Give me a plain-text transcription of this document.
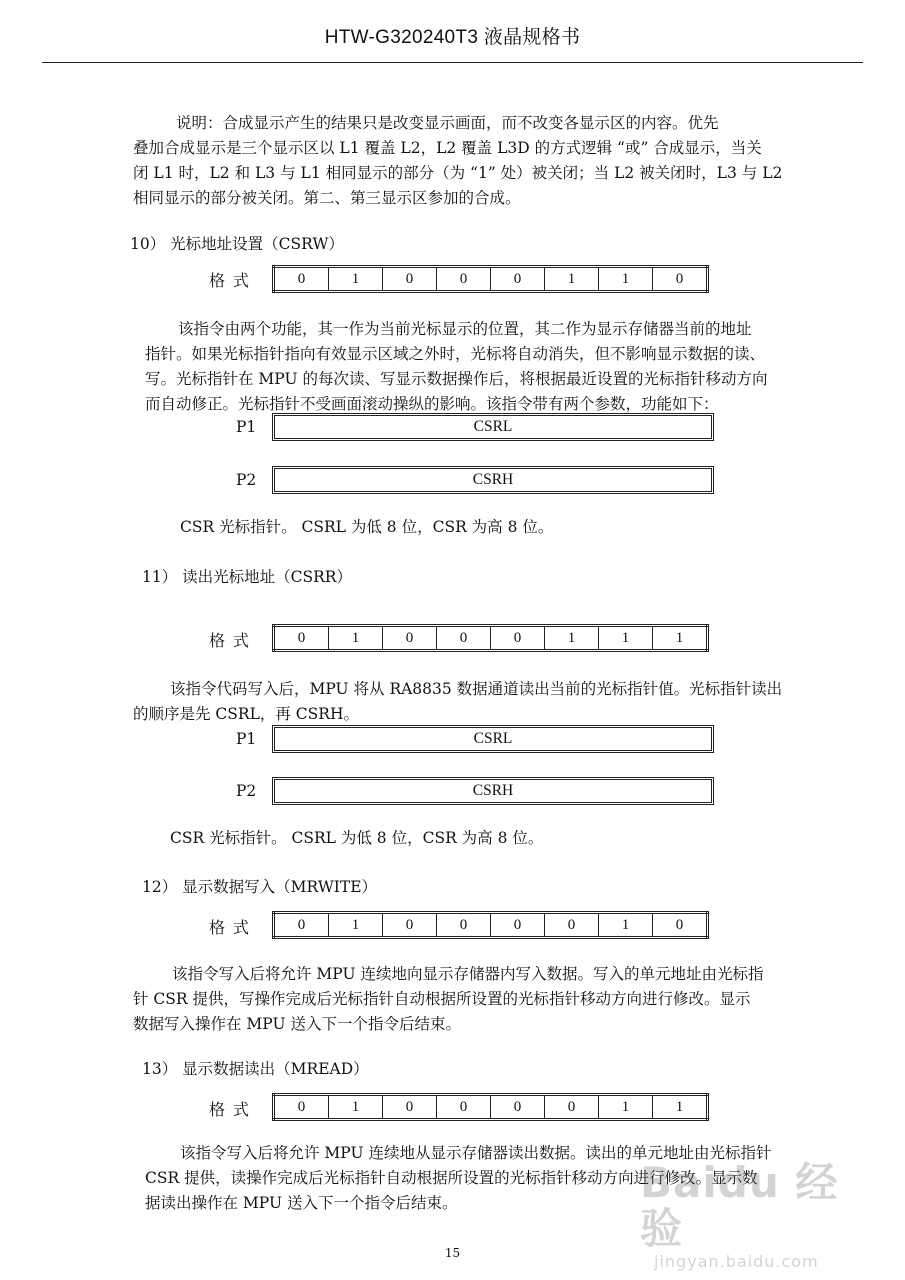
HTW-G320240T3 液晶规格书
说明：合成显示产生的结果只是改变显示画面，而不改变各显示区的内容。优先
叠加合成显示是三个显示区以 L1 覆盖 L2，L2 覆盖 L3D 的方式逻辑 “或” 合成显示，当关
闭 L1 时，L2 和 L3 与 L1 相同显示的部分（为 “1” 处）被关闭；当 L2 被关闭时，L3 与 L2
相同显示的部分被关闭。第二、第三显示区参加的合成。
10） 光标地址设置（CSRW）
格式	0	1	0	0	0	1	1	0
该指令由两个功能，其一作为当前光标显示的位置，其二作为显示存储器当前的地址
指针。如果光标指针指向有效显示区域之外时，光标将自动消失，但不影响显示数据的读、
写。光标指针在 MPU 的每次读、写显示数据操作后，将根据最近设置的光标指针移动方向
而自动修正。光标指针不受画面滚动操纵的影响。该指令带有两个参数，功能如下：
P1	CSRL
P2	CSRH
CSR 光标指针。 CSRL 为低 8 位，CSR 为高 8 位。
11） 读出光标地址（CSRR）
格式	0	1	0	0	0	1	1	1
该指令代码写入后，MPU 将从 RA8835 数据通道读出当前的光标指针值。光标指针读出
的顺序是先 CSRL，再 CSRH。
P1	CSRL
P2	CSRH
CSR 光标指针。 CSRL 为低 8 位，CSR 为高 8 位。
12） 显示数据写入（MRWITE）
格式	0	1	0	0	0	0	1	0
该指令写入后将允许 MPU 连续地向显示存储器内写入数据。写入的单元地址由光标指
针 CSR 提供，写操作完成后光标指针自动根据所设置的光标指针移动方向进行修改。显示
数据写入操作在 MPU 送入下一个指令后结束。
13） 显示数据读出（MREAD）
格式	0	1	0	0	0	0	1	1
该指令写入后将允许 MPU 连续地从显示存储器读出数据。读出的单元地址由光标指针
CSR 提供，读操作完成后光标指针自动根据所设置的光标指针移动方向进行修改。显示数
据读出操作在 MPU 送入下一个指令后结束。	Baidu 经验
jingyan.baidu.com
15
